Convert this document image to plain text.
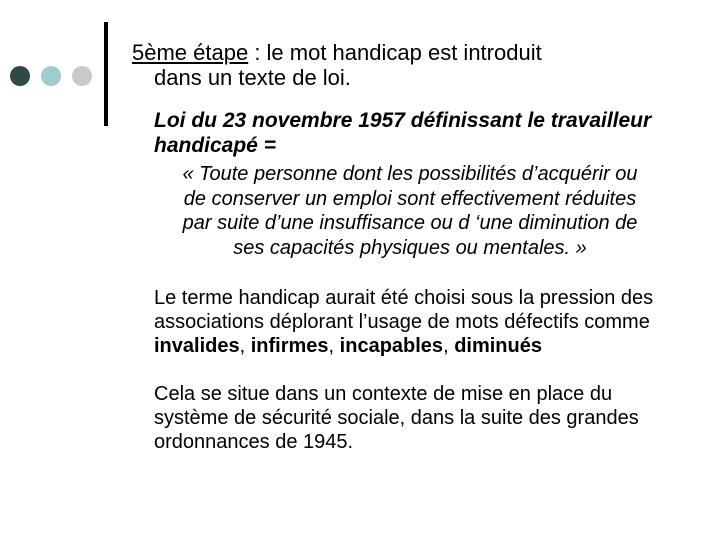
5ème étape : le mot handicap est introduit
dans un texte de loi.
Loi du 23 novembre 1957 définissant le travailleur handicapé =
« Toute personne dont les possibilités d’acquérir ou de conserver un emploi sont effectivement réduites par suite d’une insuffisance ou d ‘une diminution de ses capacités physiques ou mentales. »
Le terme handicap aurait été choisi sous la pression des associations déplorant l’usage de mots défectifs comme invalides, infirmes, incapables, diminués
Cela se situe dans un contexte de mise en place du système de sécurité sociale, dans la suite des grandes ordonnances de 1945.
